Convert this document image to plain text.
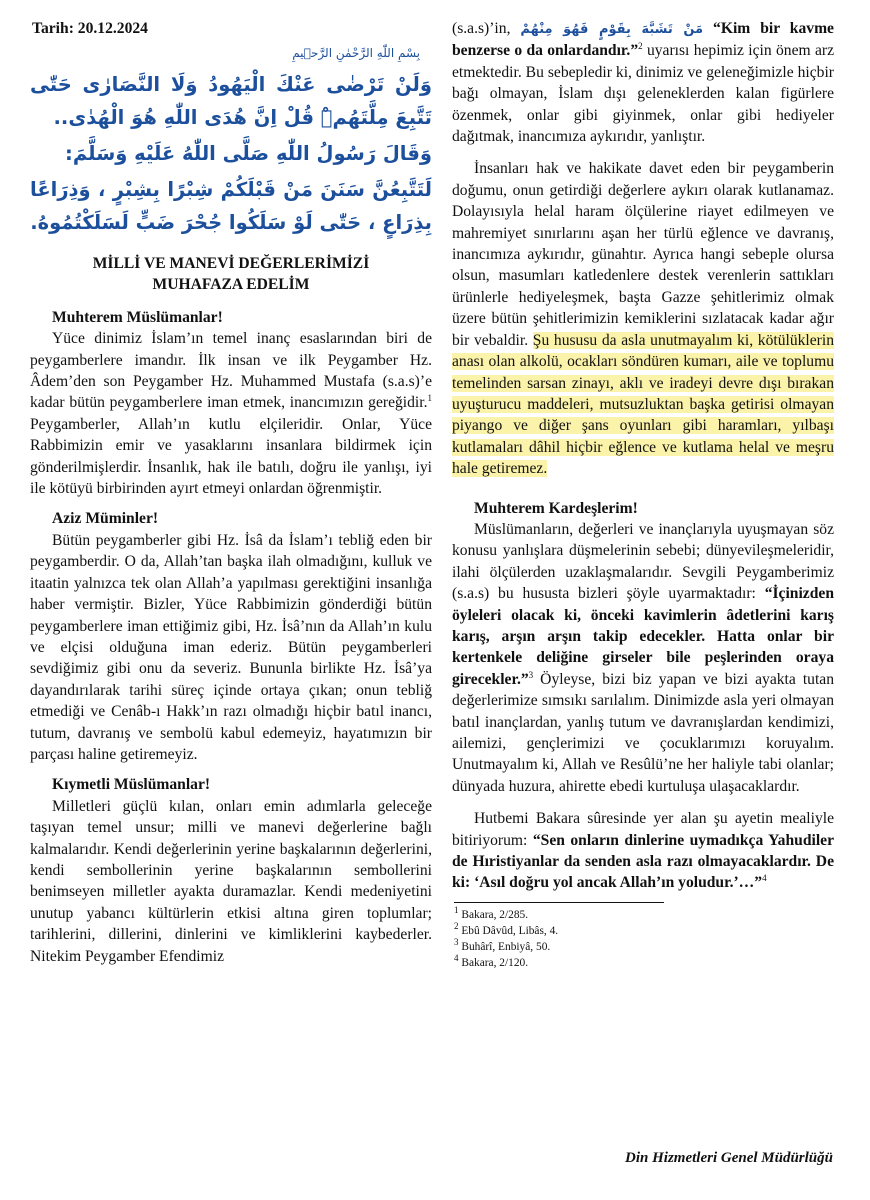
Tarih: 20.12.2024
بِسْمِ اللّٰهِ الرَّحْمٰنِ الرَّح۪يمِ

وَلَنْ تَرْضٰى عَنْكَ الْيَهُودُ وَلَا النَّصَارٰى حَتّٰى تَتَّبِعَ مِلَّتَهُمْۜ قُلْ اِنَّ هُدَى اللّٰهِ هُوَ الْهُدٰى..

وَقَالَ رَسُولُ اللّٰهِ صَلَّى اللّٰهُ عَلَيْهِ وَسَلَّمَ:

لَتَتَّبِعُنَّ سَنَنَ مَنْ قَبْلَكُمْ شِبْرًا بِشِبْرٍ ، وَذِرَاعًا بِذِرَاعٍ ، حَتّٰى لَوْ سَلَكُوا جُحْرَ ضَبٍّ لَسَلَكْتُمُوهُ.

MİLLİ VE MANEVİ DEĞERLERİMİZİ
MUHAFAZA EDELİM
Muhterem Müslümanlar!

Yüce dinimiz İslam’ın temel inanç esaslarından biri de peygamberlere imandır. İlk insan ve ilk Peygamber Hz. Âdem’den son Peygamber Hz. Muhammed Mustafa (s.a.s)’e kadar bütün peygamberlere iman etmek, inancımızın gereğidir.$^1$ Peygamberler, Allah’ın kutlu elçileridir. Onlar, Yüce Rabbimizin emir ve yasaklarını insanlara bildirmek için gönderilmişlerdir. İnsanlık, hak ile batılı, doğru ile yanlışı, iyi ile kötüyü birbirinden ayırt etmeyi onlardan öğrenmiştir.

Aziz Müminler!

Bütün peygamberler gibi Hz. İsâ da İslam’ı tebliğ eden bir peygamberdir. O da, Allah’tan başka ilah olmadığını, kulluk ve itaatin yalnızca tek olan Allah’a yapılması gerektiğini insanlığa haber vermiştir. Bizler, Yüce Rabbimizin gönderdiği bütün peygamberlere iman ettiğimiz gibi, Hz. İsâ’nın da Allah’ın kulu ve elçisi olduğuna iman ederiz. Bütün peygamberleri sevdiğimiz gibi onu da severiz. Bununla birlikte Hz. İsâ’ya dayandırılarak tarihi süreç içinde ortaya çıkan; onun tebliğ etmediği ve Cenâb-ı Hakk’ın razı olmadığı hiçbir batıl inancı, tutum, davranış ve sembolü kabul edemeyiz, hayatımızın bir parçası haline getiremeyiz.

Kıymetli Müslümanlar!

Milletleri güçlü kılan, onları emin adımlarla geleceğe taşıyan temel unsur; milli ve manevi değerlerine bağlı kalmalarıdır. Kendi değerlerinin yerine başkalarının değerlerini, kendi sembollerinin yerine başkalarının sembollerini benimseyen milletler ayakta duramazlar. Kendi medeniyetini unutup yabancı kültürlerin etkisi altına giren toplumlar; tarihlerini, dillerini, dinlerini ve kimliklerini kaybederler. Nitekim Peygamber Efendimiz

(s.a.s)’in, مَنْ تَشَبَّهَ بِقَوْمٍ فَهُوَ مِنْهُمْ “Kim bir kavme benzerse o da onlardandır.”$^2$ uyarısı hepimiz için önem arz etmektedir. Bu sebepledir ki, dinimiz ve geleneğimizle hiçbir bağı olmayan, İslam dışı geleneklerden kalan figürlere özenmek, onlar gibi giyinmek, onlar gibi hediyeler dağıtmak, inancımıza aykırıdır, yanlıştır.

İnsanları hak ve hakikate davet eden bir peygamberin doğumu, onun getirdiği değerlere aykırı olarak kutlanamaz. Dolayısıyla helal haram ölçülerine riayet edilmeyen ve mahremiyet sınırlarını aşan her türlü eğlence ve davranış, inancımıza aykırıdır, günahtır. Ayrıca hangi sebeple olursa olsun, masumları katledenlere destek verenlerin sattıkları ürünlerle hediyeleşmek, başta Gazze şehitlerimiz olmak üzere bütün şehitlerimizin kemiklerini sızlatacak kadar ağır bir vebaldir. Şu hususu da asla unutmayalım ki, kötülüklerin anası olan alkolü, ocakları söndüren kumarı, aile ve toplumu temelinden sarsan zinayı, aklı ve iradeyi devre dışı bırakan uyuşturucu maddeleri, mutsuzluktan başka getirisi olmayan piyango ve diğer şans oyunları gibi haramları, yılbaşı kutlamaları dâhil hiçbir eğlence ve kutlama helal ve meşru hale getiremez.

Muhterem Kardeşlerim!

Müslümanların, değerleri ve inançlarıyla uyuşmayan söz konusu yanlışlara düşmelerinin sebebi; dünyevileşmeleridir, ilahi ölçülerden uzaklaşmalarıdır. Sevgili Peygamberimiz (s.a.s) bu hususta bizleri şöyle uyarmaktadır: “İçinizden öyleleri olacak ki, önceki kavimlerin âdetlerini karış karış, arşın arşın takip edecekler. Hatta onlar bir kertenkele deliğine girseler bile peşlerinden oraya girecekler.”$^3$ Öyleyse, bizi biz yapan ve bizi ayakta tutan değerlerimize sımsıkı sarılalım. Dinimizde asla yeri olmayan batıl inançlardan, yanlış tutum ve davranışlardan kendimizi, ailemizi, gençlerimizi ve çocuklarımızı koruyalım. Unutmayalım ki, Allah ve Resûlü’ne her haliyle tabi olanlar; dünyada huzura, ahirette ebedi kurtuluşa ulaşacaklardır.

Hutbemi Bakara sûresinde yer alan şu ayetin mealiyle bitiriyorum: “Sen onların dinlerine uymadıkça Yahudiler de Hıristiyanlar da senden asla razı olmayacaklardır. De ki: ‘Asıl doğru yol ancak Allah’ın yoludur.’…”$^4$

$^1$ Bakara, 2/285.
$^2$ Ebû Dâvûd, Libâs, 4.
$^3$ Buhârî, Enbiyâ, 50.
$^4$ Bakara, 2/120.
Din Hizmetleri Genel Müdürlüğü
